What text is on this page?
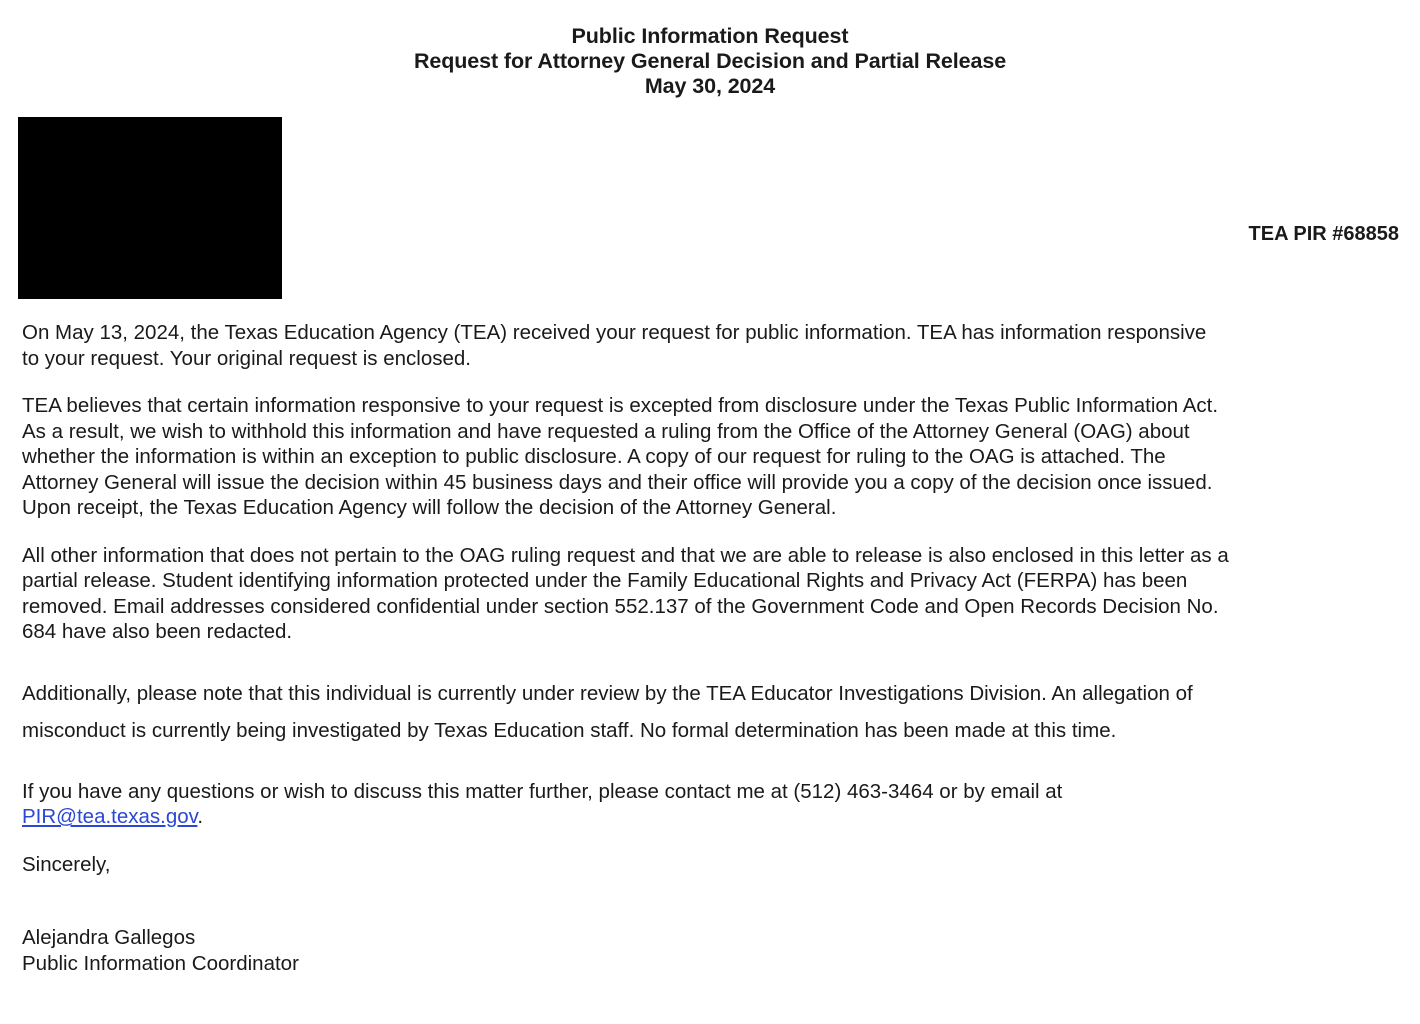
Public Information Request
Request for Attorney General Decision and Partial Release
May 30, 2024
TEA PIR #68858

On May 13, 2024, the Texas Education Agency (TEA) received your request for public information. TEA has information responsive
to your request. Your original request is enclosed.

TEA believes that certain information responsive to your request is excepted from disclosure under the Texas Public Information Act.
As a result, we wish to withhold this information and have requested a ruling from the Office of the Attorney General (OAG) about
whether the information is within an exception to public disclosure. A copy of our request for ruling to the OAG is attached. The
Attorney General will issue the decision within 45 business days and their office will provide you a copy of the decision once issued.
Upon receipt, the Texas Education Agency will follow the decision of the Attorney General.

All other information that does not pertain to the OAG ruling request and that we are able to release is also enclosed in this letter as a
partial release. Student identifying information protected under the Family Educational Rights and Privacy Act (FERPA) has been
removed. Email addresses considered confidential under section 552.137 of the Government Code and Open Records Decision No.
684 have also been redacted.

Additionally, please note that this individual is currently under review by the TEA Educator Investigations Division. An allegation of
misconduct is currently being investigated by Texas Education staff. No formal determination has been made at this time.

If you have any questions or wish to discuss this matter further, please contact me at (512) 463-3464 or by email at
PIR@tea.texas.gov.

Sincerely,

Alejandra Gallegos
Public Information Coordinator
